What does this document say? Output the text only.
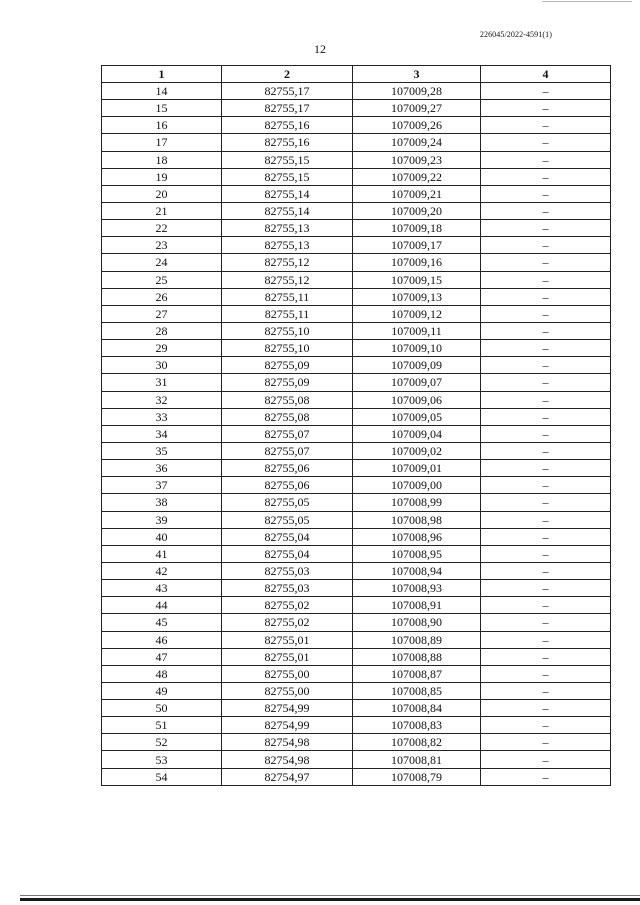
226045/2022-4591(1)
12
1	2	3	4
14	82755,17	107009,28	–
15	82755,17	107009,27	–
16	82755,16	107009,26	–
17	82755,16	107009,24	–
18	82755,15	107009,23	–
19	82755,15	107009,22	–
20	82755,14	107009,21	–
21	82755,14	107009,20	–
22	82755,13	107009,18	–
23	82755,13	107009,17	–
24	82755,12	107009,16	–
25	82755,12	107009,15	–
26	82755,11	107009,13	–
27	82755,11	107009,12	–
28	82755,10	107009,11	–
29	82755,10	107009,10	–
30	82755,09	107009,09	–
31	82755,09	107009,07	–
32	82755,08	107009,06	–
33	82755,08	107009,05	–
34	82755,07	107009,04	–
35	82755,07	107009,02	–
36	82755,06	107009,01	–
37	82755,06	107009,00	–
38	82755,05	107008,99	–
39	82755,05	107008,98	–
40	82755,04	107008,96	–
41	82755,04	107008,95	–
42	82755,03	107008,94	–
43	82755,03	107008,93	–
44	82755,02	107008,91	–
45	82755,02	107008,90	–
46	82755,01	107008,89	–
47	82755,01	107008,88	–
48	82755,00	107008,87	–
49	82755,00	107008,85	–
50	82754,99	107008,84	–
51	82754,99	107008,83	–
52	82754,98	107008,82	–
53	82754,98	107008,81	–
54	82754,97	107008,79	–
